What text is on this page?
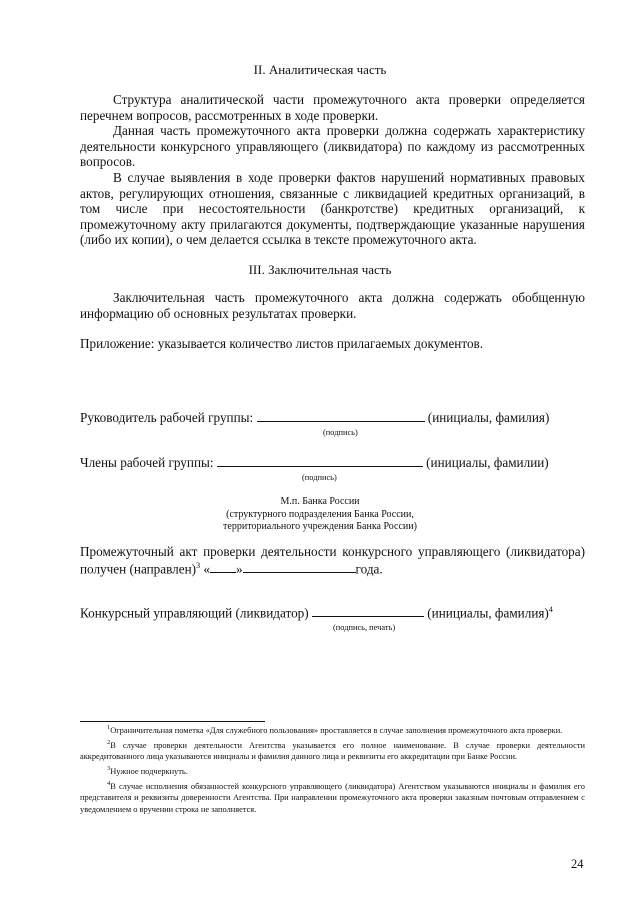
II. Аналитическая часть

Структура аналитической части промежуточного акта проверки определяется перечнем вопросов, рассмотренных в ходе проверки.

Данная часть промежуточного акта проверки должна содержать характеристику деятельности конкурсного управляющего (ликвидатора) по каждому из рассмотренных вопросов.

В случае выявления в ходе проверки фактов нарушений нормативных правовых актов, регулирующих отношения, связанные с ликвидацией кредитных организаций, в том числе при несостоятельности (банкротстве) кредитных организаций, к промежуточному акту прилагаются документы, подтверждающие указанные нарушения (либо их копии), о чем делается ссылка в тексте промежуточного акта.

III. Заключительная часть

Заключительная часть промежуточного акта должна содержать обобщенную информацию об основных результатах проверки.

Приложение: указывается количество листов прилагаемых документов.
Руководитель рабочей группы:	(инициалы, фамилия)
(подпись)
Члены рабочей группы:	(инициалы, фамилии)
(подпись)
М.п. Банка России
(структурного подразделения Банка России,
территориального учреждения Банка России)
Промежуточный акт проверки деятельности конкурсного управляющего (ликвидатора)
получен (направлен)$^3$ « »	года.
Конкурсный управляющий (ликвидатор)	(инициалы, фамилия)$^4$
(подпись, печать)

$^1$Ограничительная пометка «Для служебного пользования» проставляется в случае заполнения промежуточного акта проверки.

$^2$В случае проверки деятельности Агентства указывается его полное наименование. В случае проверки деятельности аккредитованного лица указываются инициалы и фамилия данного лица и реквизиты его аккредитации при Банке России.

$^3$Нужное подчеркнуть.

$^4$В случае исполнения обязанностей конкурсного управляющего (ликвидатора) Агентством указываются инициалы и фамилия его представителя и реквизиты доверенности Агентства. При направлении промежуточного акта проверки заказным почтовым отправлением с уведомлением о вручении строка не заполняется.

24
